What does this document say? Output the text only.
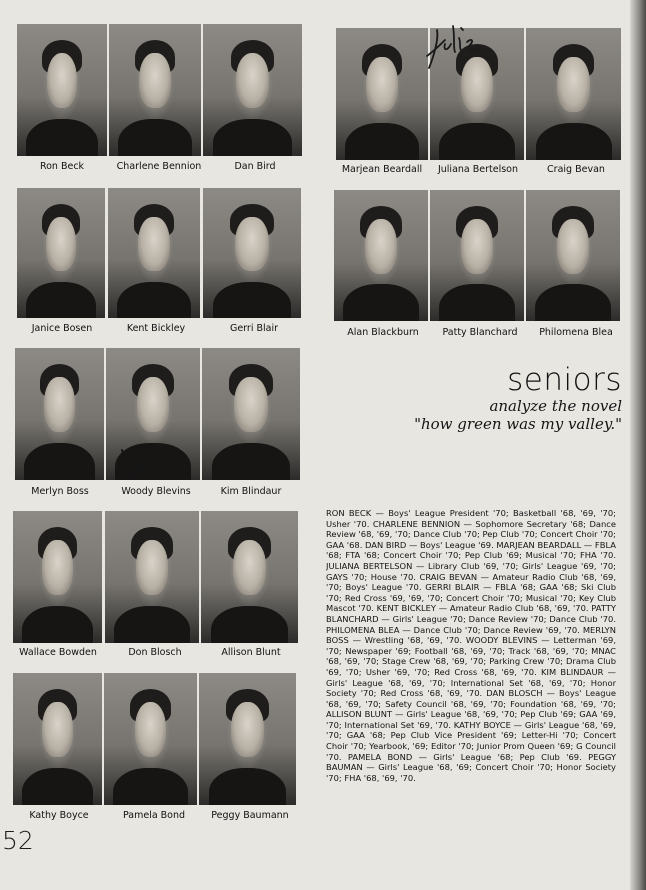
Ron Beck	Charlene Bennion	Dan Bird	Marjean Beardall	Juliana Bertelson	Craig Bevan
Janice Bosen	Kent Bickley	Gerri Blair	Alan Blackburn	Patty Blanchard	Philomena Blea
Merlyn Boss	Woody Blevins	Kim Blindaur
seniors
analyze the novel
"how green was my valley."
Wallace Bowden	Don Blosch	Allison Blunt
Kathy Boyce	Pamela Bond	Peggy Baumann
RON BECK — Boys' League President '70; Basketball '68, '69, '70; Usher '70. CHARLENE BENNION — Sophomore Secretary '68; Dance Review '68, '69, '70; Dance Club '70; Pep Club '70; Concert Choir '70; GAA '68. DAN BIRD — Boys' League '69. MARJEAN BEARDALL — FBLA '68; FTA '68; Concert Choir '70; Pep Club '69; Musical '70; FHA '70. JULIANA BERTELSON — Library Club '69, '70; Girls' League '69, '70; GAYS '70; House '70. CRAIG BEVAN — Amateur Radio Club '68, '69, '70; Boys' League '70. GERRI BLAIR — FBLA '68; GAA '68; Ski Club '70; Red Cross '69, '69, '70; Concert Choir '70; Musical '70; Key Club Mascot '70. KENT BICKLEY — Amateur Radio Club '68, '69, '70. PATTY BLANCHARD — Girls' League '70; Dance Review '70; Dance Club '70. PHILOMENA BLEA — Dance Club '70; Dance Review '69, '70. MERLYN BOSS — Wrestling '68, '69, '70. WOODY BLEVINS — Letterman '69, '70; Newspaper '69; Football '68, '69, '70; Track '68, '69, '70; MNAC '68, '69, '70; Stage Crew '68, '69, '70; Parking Crew '70; Drama Club '69, '70; Usher '69, '70; Red Cross '68, '69, '70. KIM BLINDAUR — Girls' League '68, '69, '70; International Set '68, '69, '70; Honor Society '70; Red Cross '68, '69, '70. DAN BLOSCH — Boys' League '68, '69, '70; Safety Council '68, '69, '70; Foundation '68, '69, '70; ALLISON BLUNT — Girls' League '68, '69, '70; Pep Club '69; GAA '69, '70; International Set '69, '70. KATHY BOYCE — Girls' League '68, '69, '70; GAA '68; Pep Club Vice President '69; Letter-Hi '70; Concert Choir '70; Yearbook, '69; Editor '70; Junior Prom Queen '69; G Council '70. PAMELA BOND — Girls' League '68; Pep Club '69. PEGGY BAUMAN — Girls' League '68, '69; Concert Choir '70; Honor Society '70; FHA '68, '69, '70.
52
